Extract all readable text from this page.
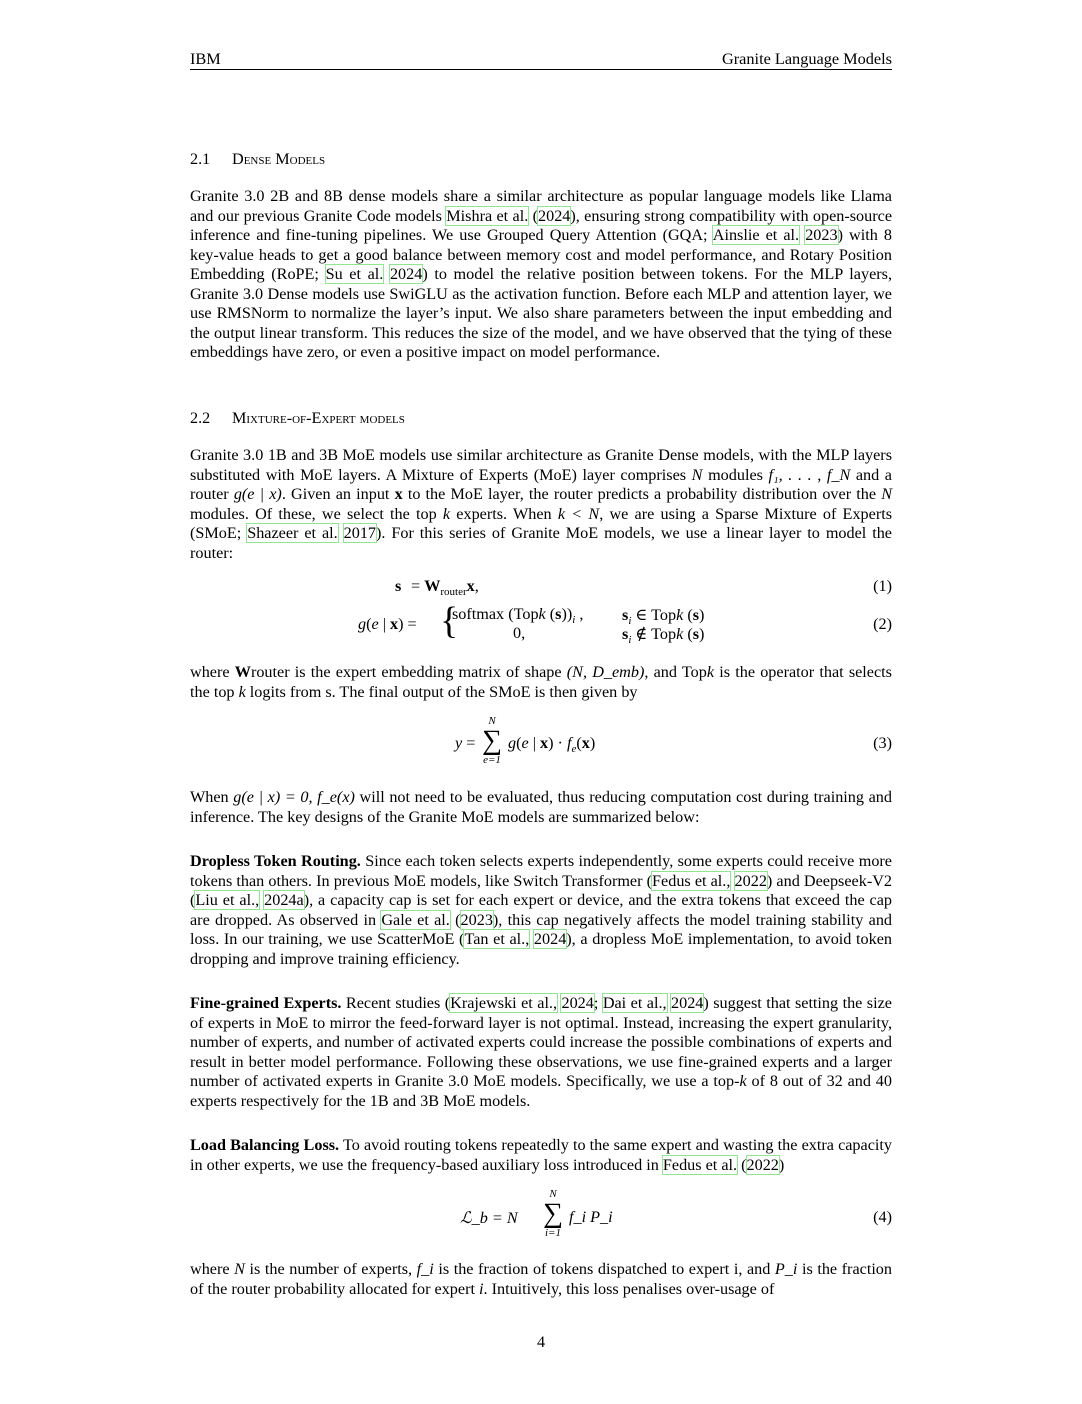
IBM	Granite Language Models
2.1 Dense Models
Granite 3.0 2B and 8B dense models share a similar architecture as popular language models like Llama and our previous Granite Code models Mishra et al. (2024), ensuring strong compatibility with open-source inference and fine-tuning pipelines. We use Grouped Query Attention (GQA; Ainslie et al. 2023) with 8 key-value heads to get a good balance between memory cost and model performance, and Rotary Position Embedding (RoPE; Su et al. 2024) to model the relative position between tokens. For the MLP layers, Granite 3.0 Dense models use SwiGLU as the activation function. Before each MLP and attention layer, we use RMSNorm to normalize the layer’s input. We also share parameters between the input embedding and the output linear transform. This reduces the size of the model, and we have observed that the tying of these embeddings have zero, or even a positive impact on model performance.
2.2 Mixture-of-Expert models
Granite 3.0 1B and 3B MoE models use similar architecture as Granite Dense models, with the MLP layers substituted with MoE layers. A Mixture of Experts (MoE) layer comprises N modules f₁, . . . , f_N and a router g(e | x). Given an input x to the MoE layer, the router predicts a probability distribution over the N modules. Of these, we select the top k experts. When k < N, we are using a Sparse Mixture of Experts (SMoE; Shazeer et al. 2017). For this series of Granite MoE models, we use a linear layer to model the router:
$s = W_{router}x$,	(1)
g(e | x) = {
softmax (Topk $(s))_i$ , $s_i$ ∈ Topk (s)
0,	$s_i$ ∉ Topk (s)
(2)
where Wrouter is the expert embedding matrix of shape (N, D_emb), and Topk is the operator that selects the top k logits from s. The final output of the SMoE is then given by
y =
N
∑
e=1
g(e | $x) \cdot f_e(x)$	(3)
When g(e | x) = 0, f_e(x) will not need to be evaluated, thus reducing computation cost during training and inference. The key designs of the Granite MoE models are summarized below:
Dropless Token Routing. Since each token selects experts independently, some experts could receive more tokens than others. In previous MoE models, like Switch Transformer (Fedus et al., 2022) and Deepseek-V2 (Liu et al., 2024a), a capacity cap is set for each expert or device, and the extra tokens that exceed the cap are dropped. As observed in Gale et al. (2023), this cap negatively affects the model training stability and loss. In our training, we use ScatterMoE (Tan et al., 2024), a dropless MoE implementation, to avoid token dropping and improve training efficiency.
Fine-grained Experts. Recent studies (Krajewski et al., 2024; Dai et al., 2024) suggest that setting the size of experts in MoE to mirror the feed-forward layer is not optimal. Instead, increasing the expert granularity, number of experts, and number of activated experts could increase the possible combinations of experts and result in better model performance. Following these observations, we use fine-grained experts and a larger number of activated experts in Granite 3.0 MoE models. Specifically, we use a top-k of 8 out of 32 and 40 experts respectively for the 1B and 3B MoE models.
Load Balancing Loss. To avoid routing tokens repeatedly to the same expert and wasting the extra capacity in other experts, we use the frequency-based auxiliary loss introduced in Fedus et al. (2022)
ℒ_b = N
N
∑
i=1
f_i P_i	(4)
where N is the number of experts, f_i is the fraction of tokens dispatched to expert i, and P_i is the fraction of the router probability allocated for expert i. Intuitively, this loss penalises over-usage of
4
